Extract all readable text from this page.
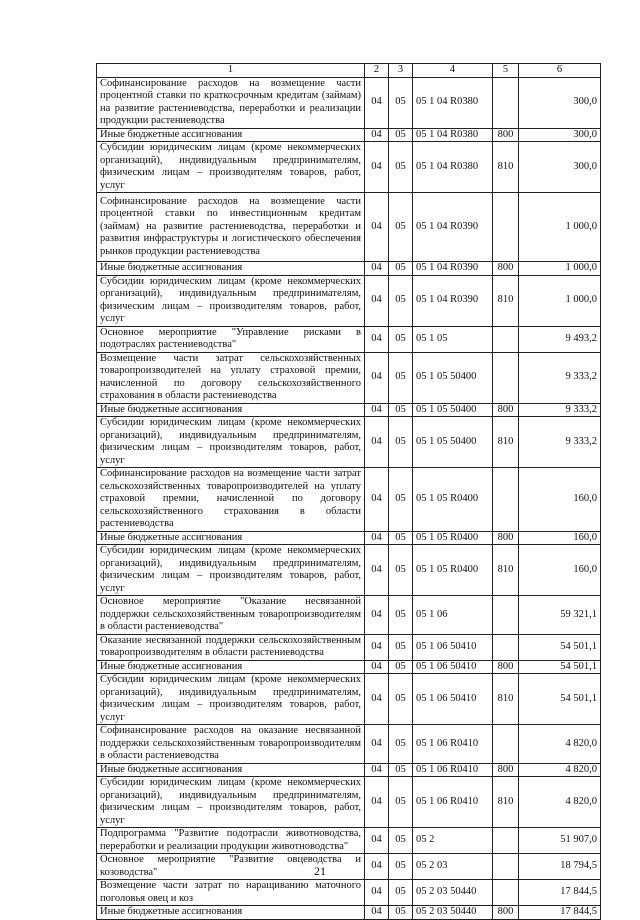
1	2	3	4	5	6
Софинансирование расходов на возмещение части процентной ставки по краткосрочным кредитам (займам) на развитие растениеводства, переработки и реализации продукции растениеводства	04	05	05 1 04 R0380		300,0
Иные бюджетные ассигнования	04	05	05 1 04 R0380	800	300,0
Субсидии юридическим лицам (кроме некоммерческих организаций), индивидуальным предпринимателям, физическим лицам – производителям товаров, работ, услуг	04	05	05 1 04 R0380	810	300,0
Софинансирование расходов на возмещение части процентной ставки по инвестиционным кредитам (займам) на развитие растениеводства, переработки и развития инфраструктуры и логистического обеспечения рынков продукции растениеводства	04	05	05 1 04 R0390		1 000,0
Иные бюджетные ассигнования	04	05	05 1 04 R0390	800	1 000,0
Субсидии юридическим лицам (кроме некоммерческих организаций), индивидуальным предпринимателям, физическим лицам – производителям товаров, работ, услуг	04	05	05 1 04 R0390	810	1 000,0
Основное мероприятие "Управление рисками в подотраслях растениеводства"	04	05	05 1 05		9 493,2
Возмещение части затрат сельскохозяйственных товаропроизводителей на уплату страховой премии, начисленной по договору сельскохозяйственного страхования в области растениеводства	04	05	05 1 05 50400		9 333,2
Иные бюджетные ассигнования	04	05	05 1 05 50400	800	9 333,2
Субсидии юридическим лицам (кроме некоммерческих организаций), индивидуальным предпринимателям, физическим лицам – производителям товаров, работ, услуг	04	05	05 1 05 50400	810	9 333,2
Софинансирование расходов на возмещение части затрат сельскохозяйственных товаропроизводителей на уплату страховой премии, начисленной по договору сельскохозяйственного страхования в области растениеводства	04	05	05 1 05 R0400		160,0
Иные бюджетные ассигнования	04	05	05 1 05 R0400	800	160,0
Субсидии юридическим лицам (кроме некоммерческих организаций), индивидуальным предпринимателям, физическим лицам – производителям товаров, работ, услуг	04	05	05 1 05 R0400	810	160,0
Основное мероприятие "Оказание несвязанной поддержки сельскохозяйственным товаропроизводителям в области растениеводства"	04	05	05 1 06		59 321,1
Оказание несвязанной поддержки сельскохозяйственным товаропроизводителям в области растениеводства	04	05	05 1 06 50410		54 501,1
Иные бюджетные ассигнования	04	05	05 1 06 50410	800	54 501,1
Субсидии юридическим лицам (кроме некоммерческих организаций), индивидуальным предпринимателям, физическим лицам – производителям товаров, работ, услуг	04	05	05 1 06 50410	810	54 501,1
Софинансирование расходов на оказание несвязанной поддержки сельскохозяйственным товаропроизводителям в области растениеводства	04	05	05 1 06 R0410		4 820,0
Иные бюджетные ассигнования	04	05	05 1 06 R0410	800	4 820,0
Субсидии юридическим лицам (кроме некоммерческих организаций), индивидуальным предпринимателям, физическим лицам – производителям товаров, работ, услуг	04	05	05 1 06 R0410	810	4 820,0
Подпрограмма "Развитие подотрасли животноводства, переработки и реализации продукции животноводства"	04	05	05 2		51 907,0
Основное мероприятие "Развитие овцеводства и козоводства"	04	05	05 2 03		18 794,5
Возмещение части затрат по наращиванию маточного поголовья овец и коз	04	05	05 2 03 50440		17 844,5
Иные бюджетные ассигнования	04	05	05 2 03 50440	800	17 844,5
21
